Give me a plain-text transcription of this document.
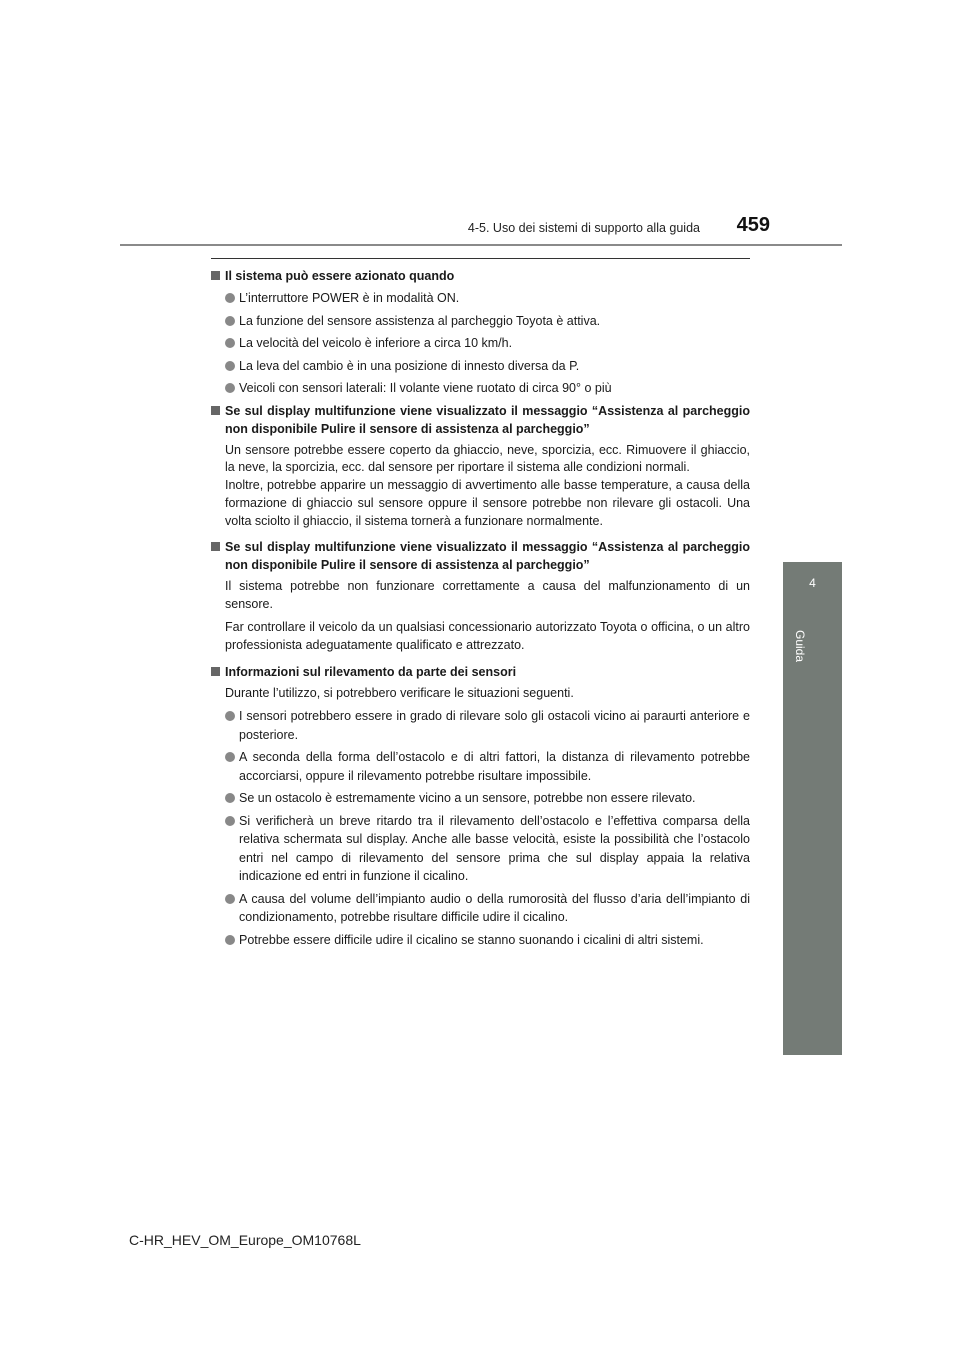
4-5. Uso dei sistemi di supporto alla guida 459
4
Guida
Il sistema può essere azionato quando
L’interruttore POWER è in modalità ON.
La funzione del sensore assistenza al parcheggio Toyota è attiva.
La velocità del veicolo è inferiore a circa 10 km/h.
La leva del cambio è in una posizione di innesto diversa da P.
Veicoli con sensori laterali: Il volante viene ruotato di circa 90° o più
Se sul display multifunzione viene visualizzato il messaggio “Assistenza al parcheggio non disponibile Pulire il sensore di assistenza al parcheggio”
Un sensore potrebbe essere coperto da ghiaccio, neve, sporcizia, ecc. Rimuovere il ghiaccio, la neve, la sporcizia, ecc. dal sensore per riportare il sistema alle condizioni normali.
Inoltre, potrebbe apparire un messaggio di avvertimento alle basse temperature, a causa della formazione di ghiaccio sul sensore oppure il sensore potrebbe non rilevare gli ostacoli. Una volta sciolto il ghiaccio, il sistema tornerà a funzionare normalmente.
Se sul display multifunzione viene visualizzato il messaggio “Assistenza al parcheggio non disponibile Pulire il sensore di assistenza al parcheggio”
Il sistema potrebbe non funzionare correttamente a causa del malfunzionamento di un sensore.
Far controllare il veicolo da un qualsiasi concessionario autorizzato Toyota o officina, o un altro professionista adeguatamente qualificato e attrezzato.
Informazioni sul rilevamento da parte dei sensori
Durante l’utilizzo, si potrebbero verificare le situazioni seguenti.
I sensori potrebbero essere in grado di rilevare solo gli ostacoli vicino ai paraurti anteriore e posteriore.
A seconda della forma dell’ostacolo e di altri fattori, la distanza di rilevamento potrebbe accorciarsi, oppure il rilevamento potrebbe risultare impossibile.
Se un ostacolo è estremamente vicino a un sensore, potrebbe non essere rilevato.
Si verificherà un breve ritardo tra il rilevamento dell’ostacolo e l’effettiva comparsa della relativa schermata sul display. Anche alle basse velocità, esiste la possibilità che l’ostacolo entri nel campo di rilevamento del sensore prima che sul display appaia la relativa indicazione ed entri in funzione il cicalino.
A causa del volume dell’impianto audio o della rumorosità del flusso d’aria dell’impianto di condizionamento, potrebbe risultare difficile udire il cicalino.
Potrebbe essere difficile udire il cicalino se stanno suonando i cicalini di altri sistemi.
C-HR_HEV_OM_Europe_OM10768L
